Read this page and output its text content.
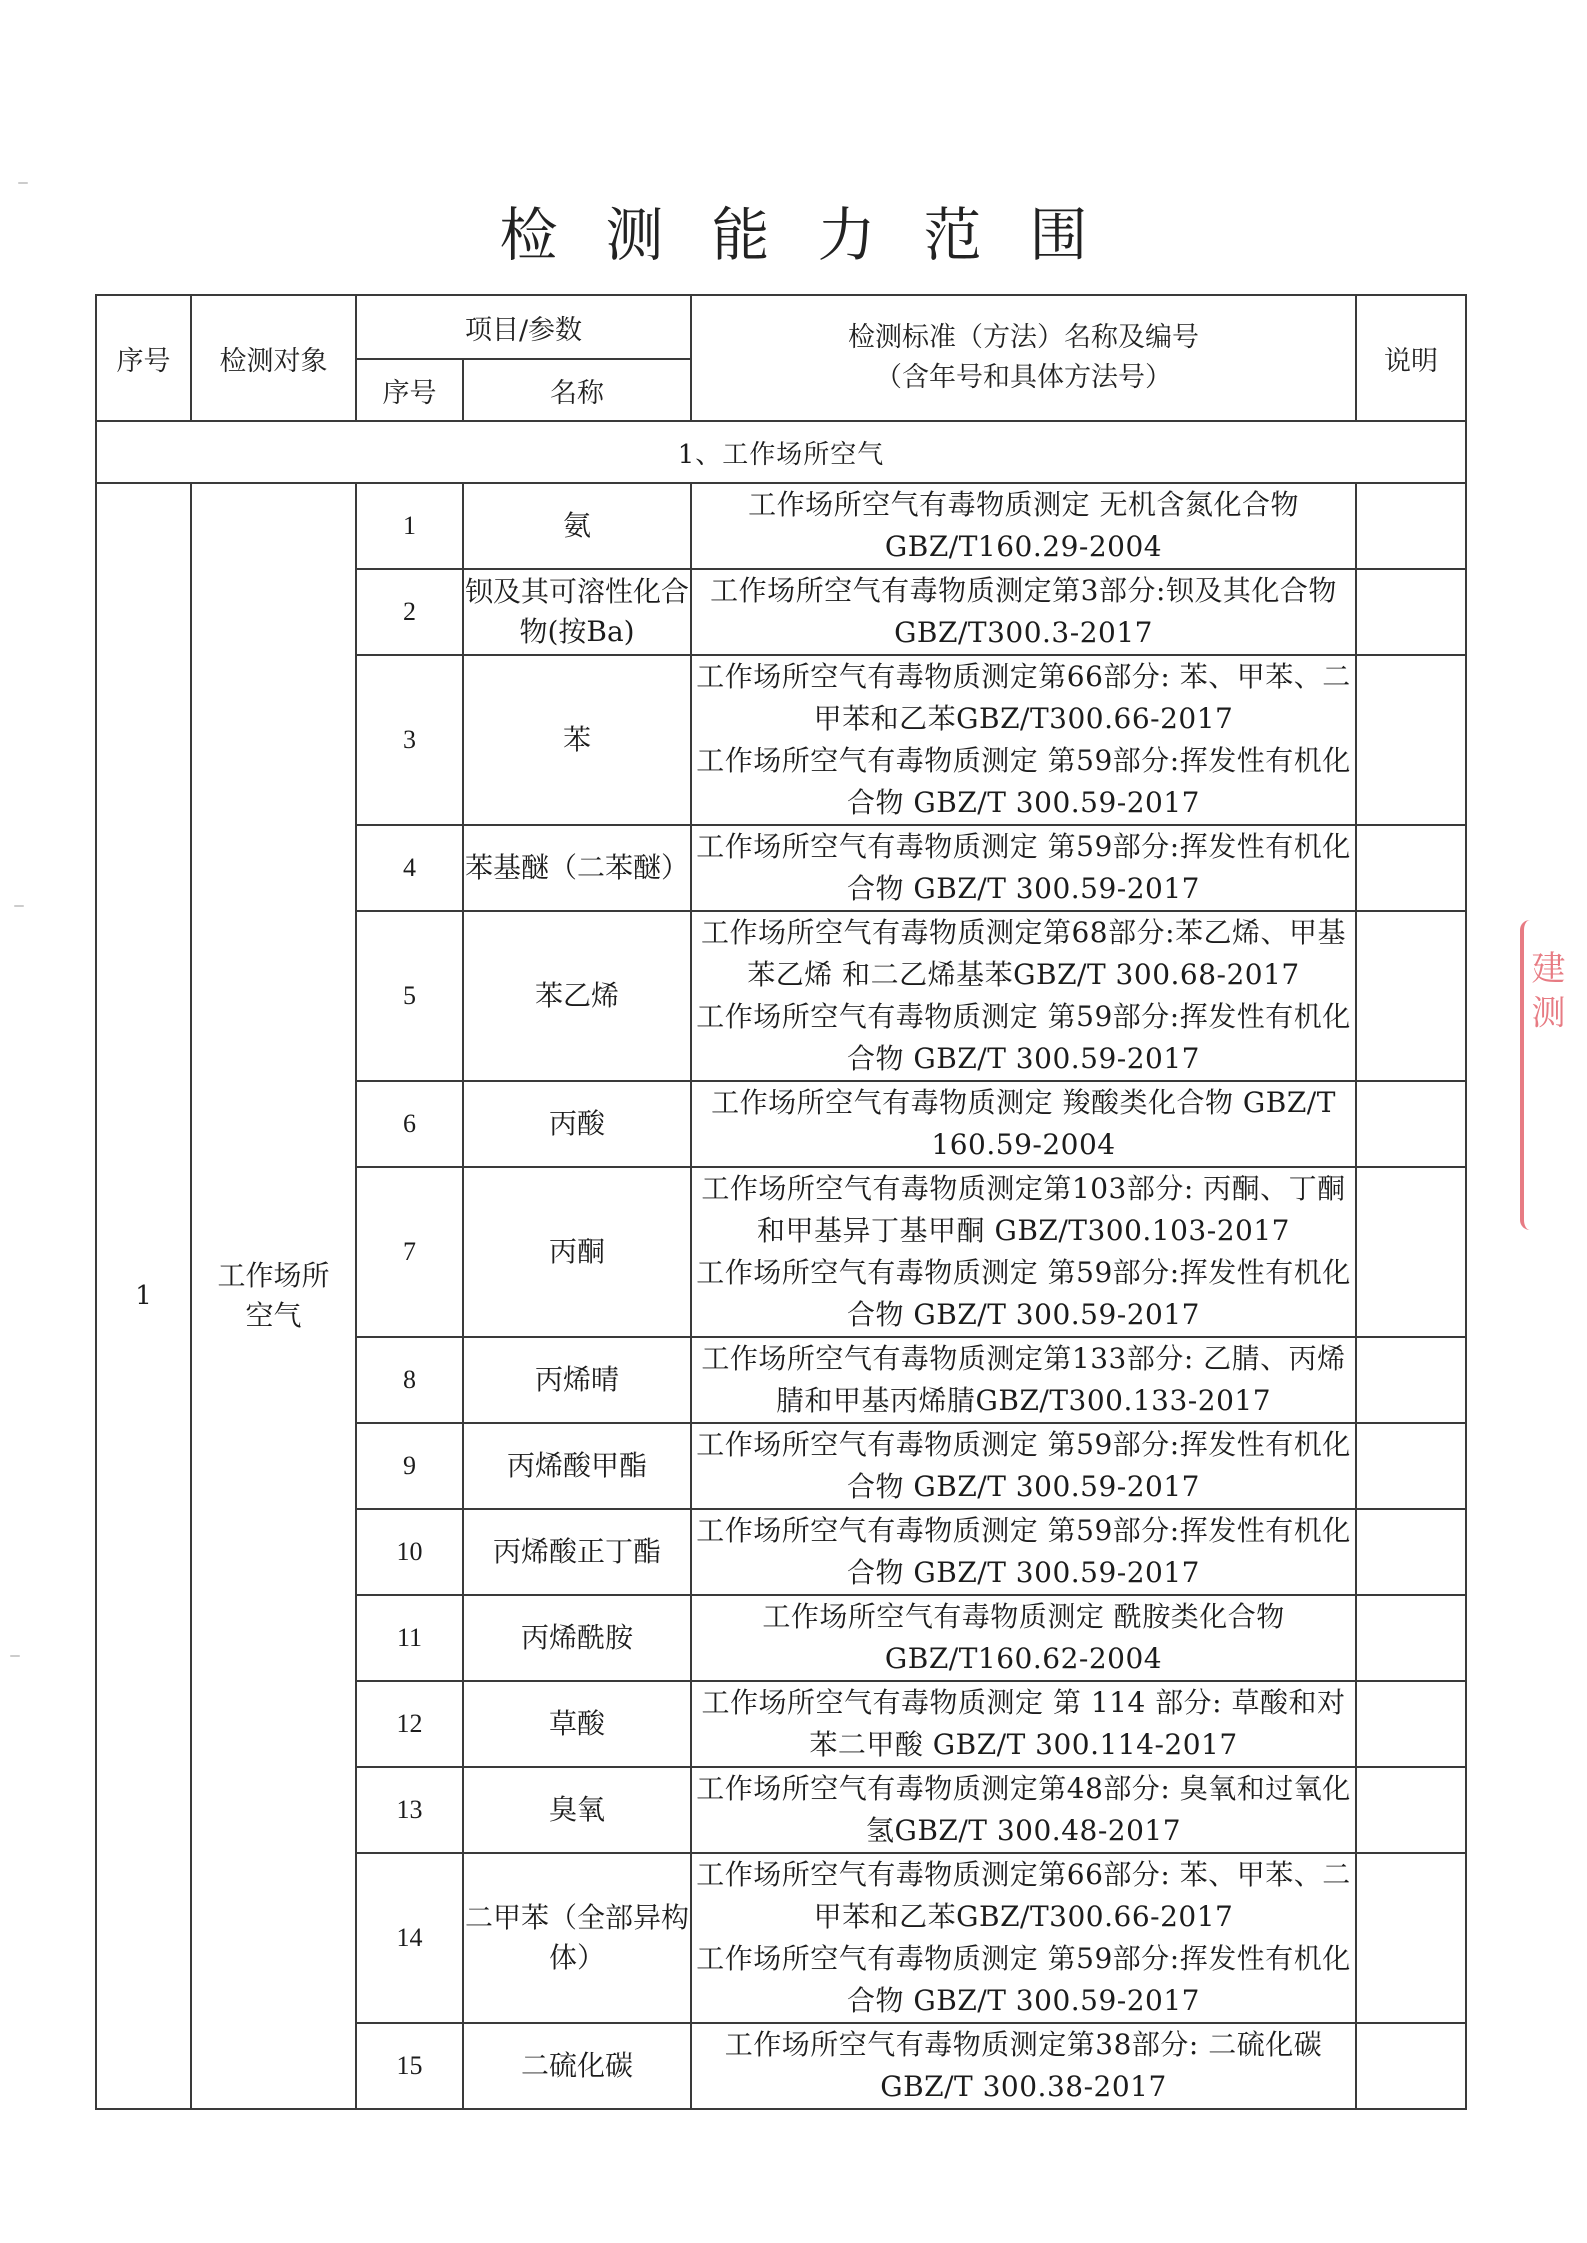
检测能力范围
序号	检测对象	项目/参数		检测标准（方法）名称及编号
（含年号和具体方法号）	说明
		序号	名称		
1、工作场所空气					
1	工作场所空气	1	氨	工作场所空气有毒物质测定 无机含氮化合物 GBZ/T160.29-2004	

		2	钡及其可溶性化合物(按Ba)	工作场所空气有毒物质测定第3部分:钡及其化合物GBZ/T300.3-2017	

		3	苯	工作场所空气有毒物质测定第66部分: 苯、甲苯、二甲苯和乙苯GBZ/T300.66-2017
工作场所空气有毒物质测定 第59部分:挥发性有机化合物 GBZ/T 300.59-2017	

		4	苯基醚（二苯醚）	工作场所空气有毒物质测定 第59部分:挥发性有机化合物 GBZ/T 300.59-2017	

		5	苯乙烯	工作场所空气有毒物质测定第68部分:苯乙烯、甲基苯乙烯 和二乙烯基苯GBZ/T 300.68-2017
工作场所空气有毒物质测定 第59部分:挥发性有机化合物 GBZ/T 300.59-2017	

		6	丙酸	工作场所空气有毒物质测定 羧酸类化合物 GBZ/T 160.59-2004	

		7	丙酮	工作场所空气有毒物质测定第103部分: 丙酮、丁酮和甲基异丁基甲酮 GBZ/T300.103-2017
工作场所空气有毒物质测定 第59部分:挥发性有机化合物 GBZ/T 300.59-2017	

		8	丙烯晴	工作场所空气有毒物质测定第133部分: 乙腈、丙烯腈和甲基丙烯腈GBZ/T300.133-2017	

		9	丙烯酸甲酯	工作场所空气有毒物质测定 第59部分:挥发性有机化合物 GBZ/T 300.59-2017	

		10	丙烯酸正丁酯	工作场所空气有毒物质测定 第59部分:挥发性有机化合物 GBZ/T 300.59-2017	

		11	丙烯酰胺	工作场所空气有毒物质测定 酰胺类化合物 GBZ/T160.62-2004	

		12	草酸	工作场所空气有毒物质测定 第 114 部分: 草酸和对苯二甲酸 GBZ/T 300.114-2017	

		13	臭氧	工作场所空气有毒物质测定第48部分: 臭氧和过氧化氢GBZ/T 300.48-2017	

		14	二甲苯（全部异构体）	工作场所空气有毒物质测定第66部分: 苯、甲苯、二甲苯和乙苯GBZ/T300.66-2017
工作场所空气有毒物质测定 第59部分:挥发性有机化合物 GBZ/T 300.59-2017	

		15	二硫化碳	工作场所空气有毒物质测定第38部分: 二硫化碳GBZ/T 300.38-2017	

建 测
